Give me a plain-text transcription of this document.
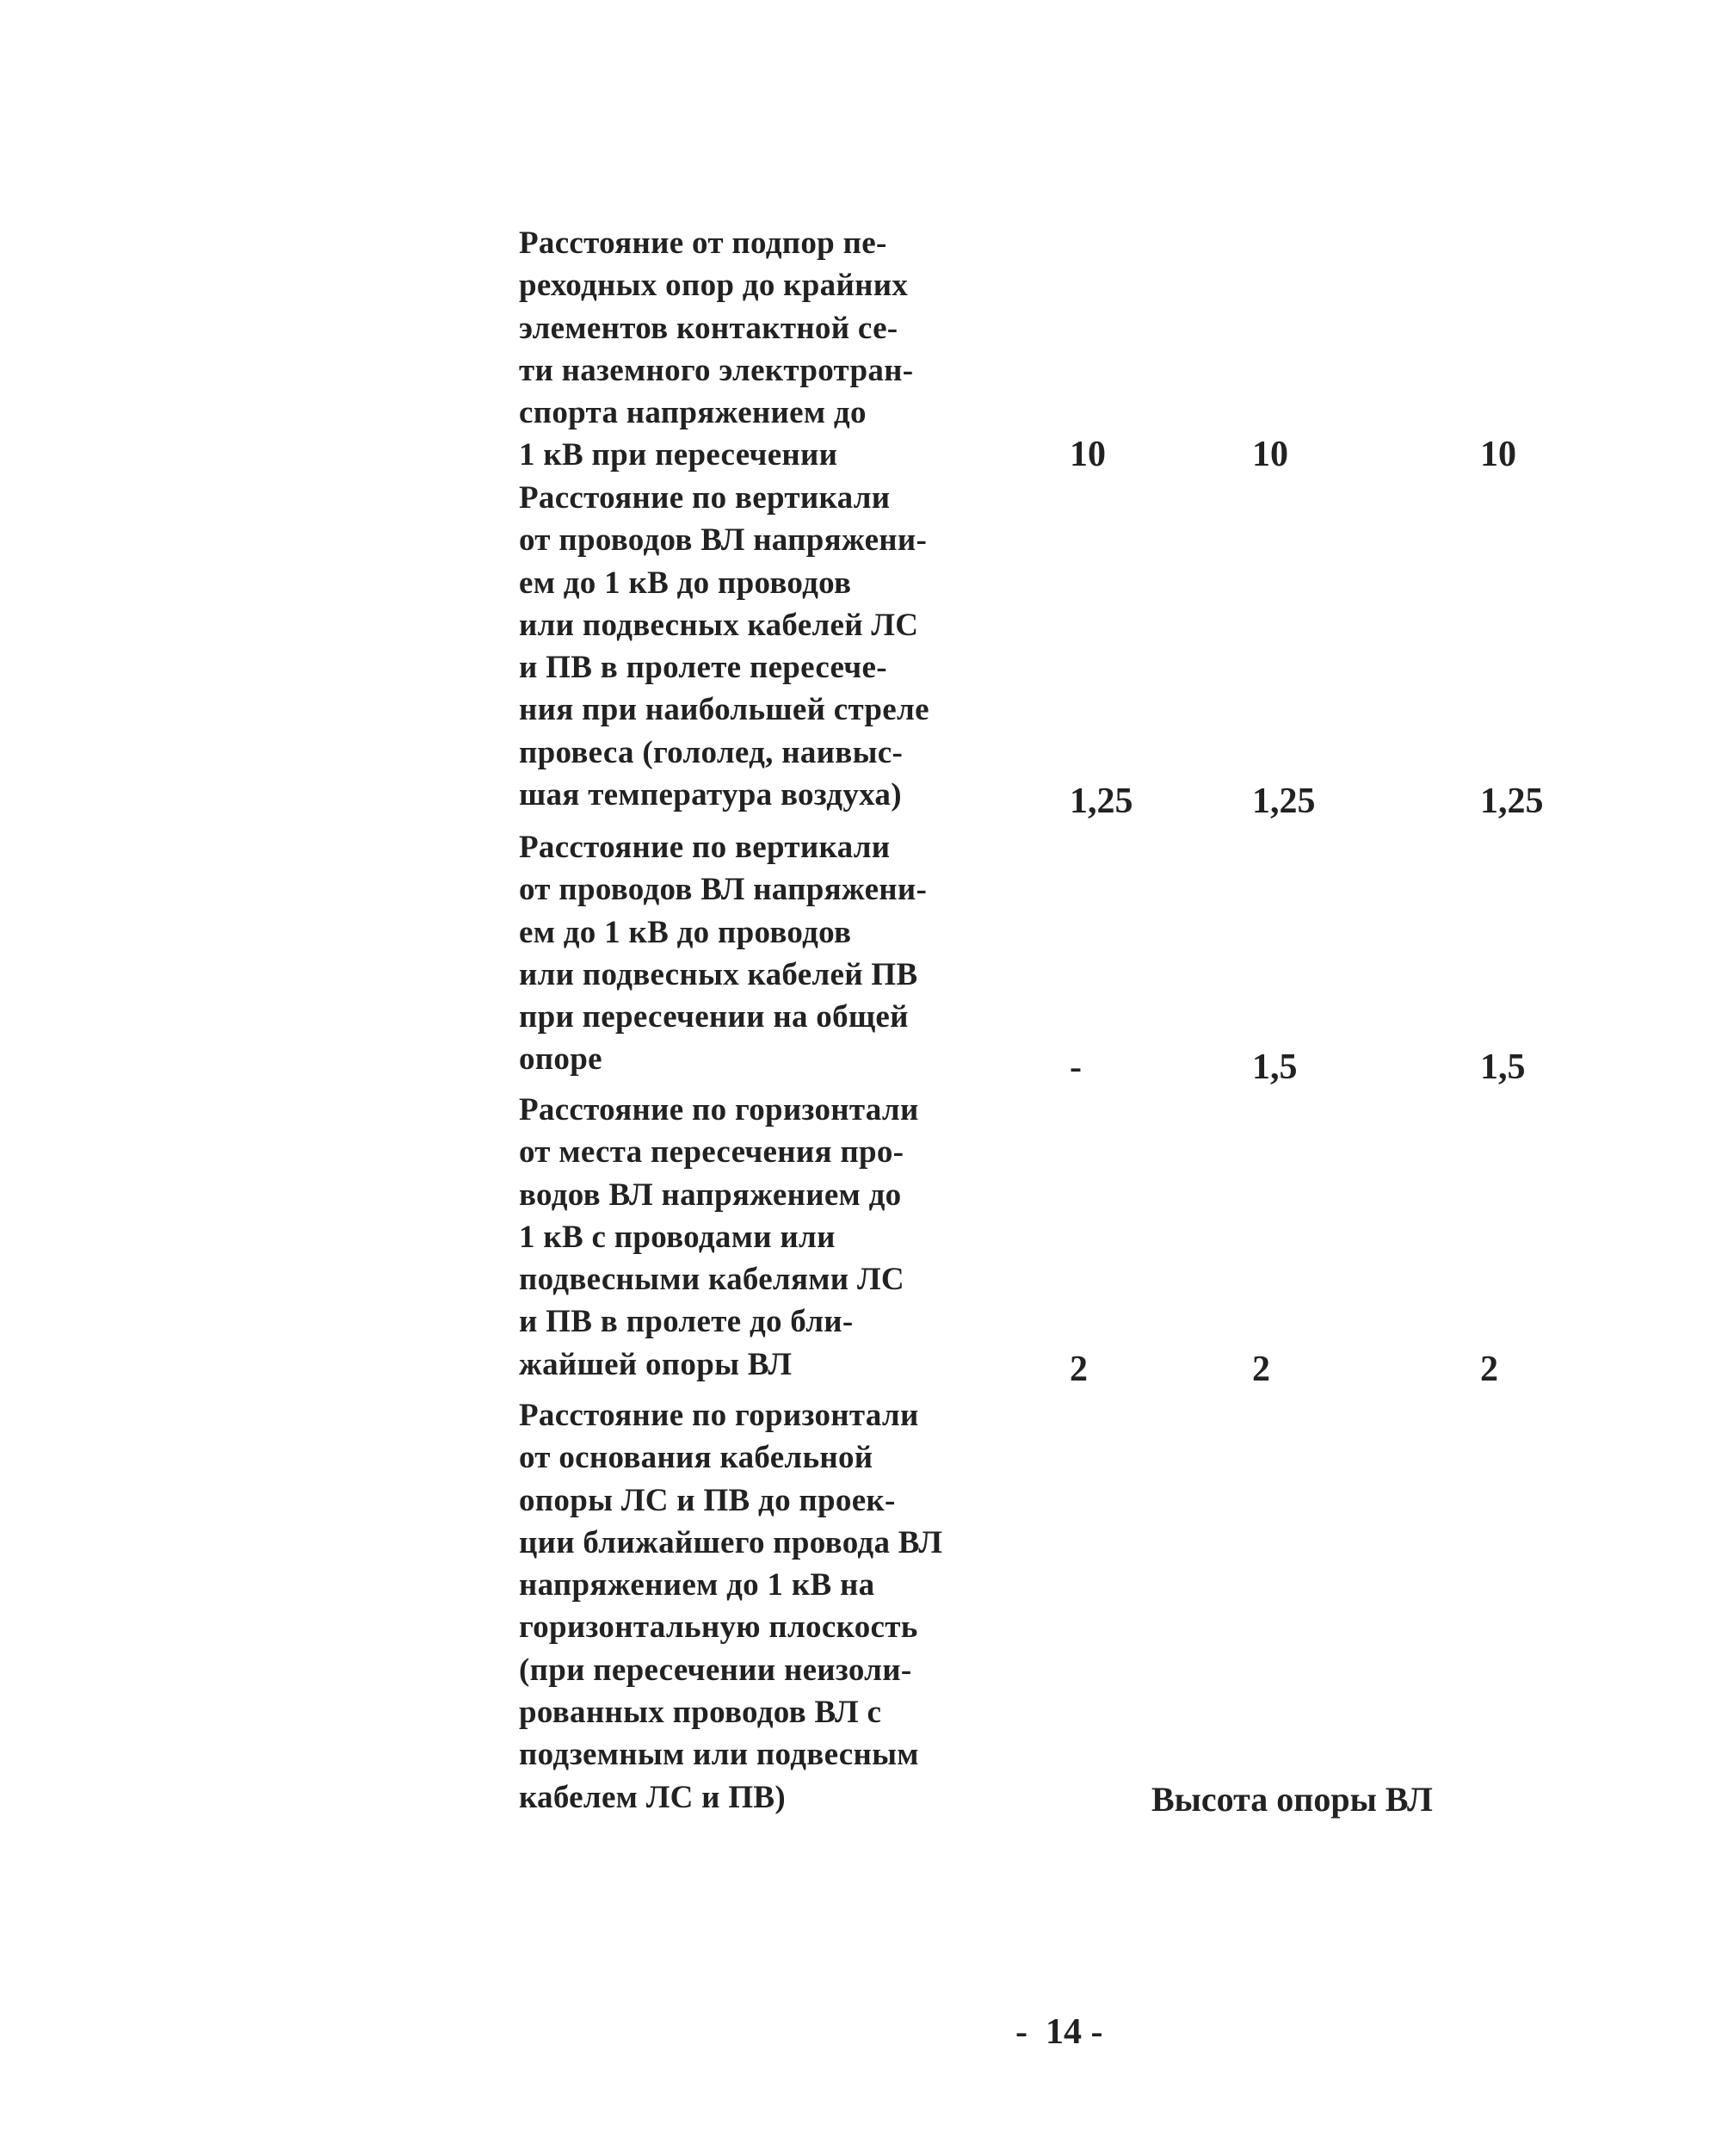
Расстояние от подпор пе-
реходных опор до крайних
элементов контактной се-
ти наземного электротран-
спорта напряжением до
1 кВ при пересечении	10	10	10

Расстояние по вертикали
от проводов ВЛ напряжени-
ем до 1 кВ до проводов
или подвесных кабелей ЛС
и ПВ в пролете пересече-
ния при наибольшей стреле
провеса (гололед, наивыс-
шая температура воздуха)	1,25	1,25	1,25

Расстояние по вертикали
от проводов ВЛ напряжени-
ем до 1 кВ до проводов
или подвесных кабелей ПВ
при пересечении на общей
опоре	-	1,5	1,5

Расстояние по горизонтали
от места пересечения про-
водов ВЛ напряжением до
1 кВ с проводами или
подвесными кабелями ЛС
и ПВ в пролете до бли-
жайшей опоры ВЛ	2	2	2

Расстояние по горизонтали
от основания кабельной
опоры ЛС и ПВ до проек-
ции ближайшего провода ВЛ
напряжением до 1 кВ на
горизонтальную плоскость
(при пересечении неизоли-
рованных проводов ВЛ с
подземным или подвесным
кабелем ЛС и ПВ)	Высота опоры ВЛ
-  14 -
